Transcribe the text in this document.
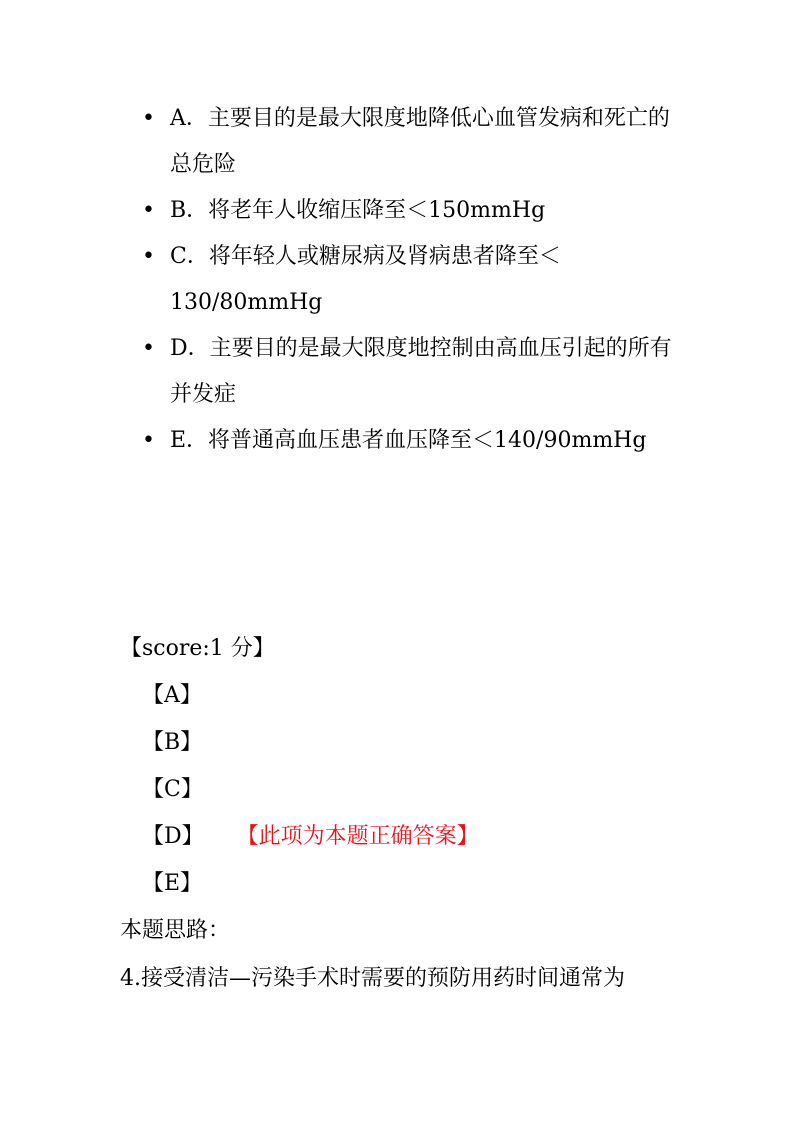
• A．主要目的是最大限度地降低心血管发病和死亡的总危险
• B．将老年人收缩压降至＜150mmHg
• C．将年轻人或糖尿病及肾病患者降至＜130/80mmHg
• D．主要目的是最大限度地控制由高血压引起的所有并发症
• E．将普通高血压患者血压降至＜140/90mmHg
【score:1 分】
【A】
【B】
【C】
【D】 【此项为本题正确答案】
【E】
本题思路：
4.接受清洁—污染手术时需要的预防用药时间通常为
